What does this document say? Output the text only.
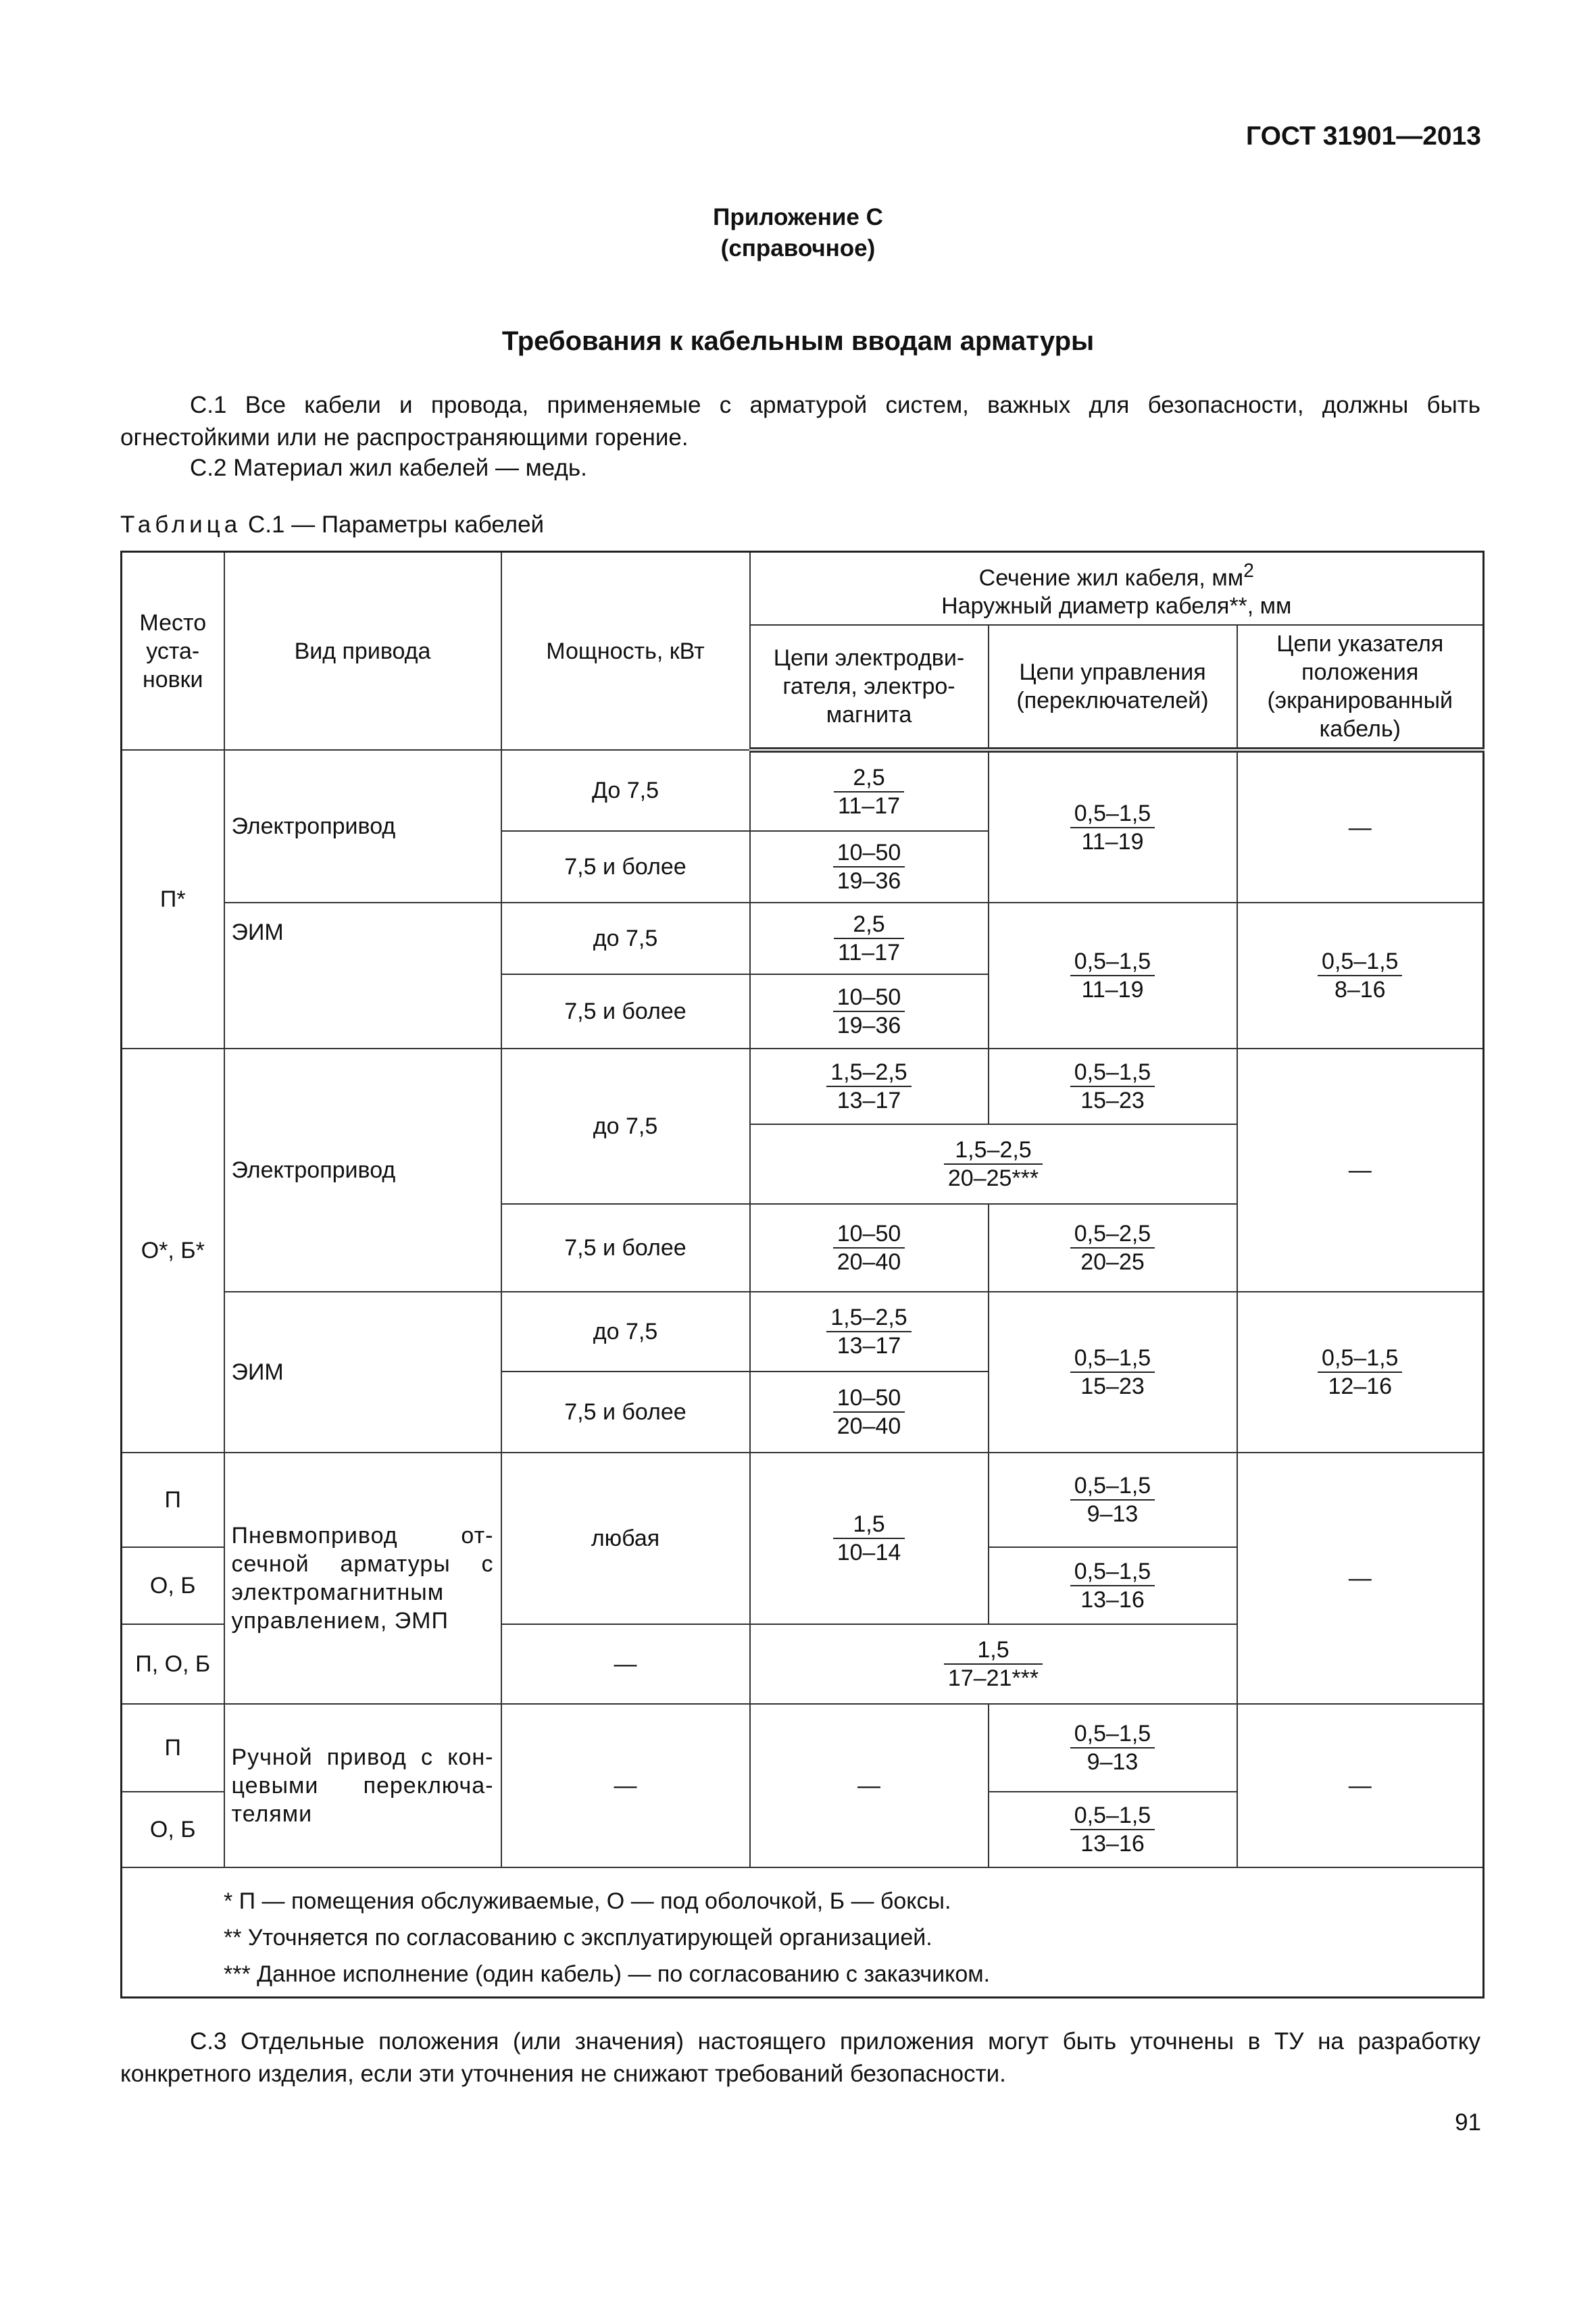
ГОСТ 31901—2013
Приложение С
(справочное)
Требования к кабельным вводам арматуры
С.1 Все кабели и провода, применяемые с арматурой систем, важных для безопасности, должны быть огнестойкими или не распространяющими горение.
С.2 Материал жил кабелей — медь.
Таблица С.1 — Параметры кабелей
Место уста- новки	Вид привода	Мощность, кВт	Сечение жил кабеля, $мм^2$
Наружный диаметр кабеля**, мм		
			Цепи электродви- гателя, электро- магнита	Цепи управления (переключателей)	Цепи указателя положения (экранированный кабель)
П*	Электропривод	До 7,5	$\frac{2,5}{11-17}$	$\frac{0,5-1,5}{11-19}$	—
		7,5 и более	$\frac{10-50}{19-36}$

	ЭИМ	до 7,5	$\frac{2,5}{11-17}$	$\frac{0,5-1,5}{11-19}$	$\frac{0,5-1,5}{8-16}$

		7,5 и более	$\frac{10-50}{19-36}$

О*, Б*	Электропривод	до 7,5	$\frac{1,5-2,5}{13-17}$	$\frac{0,5-1,5}{15-23}$	—

			$\frac{1,5-2,5}{20-25***}$

		7,5 и более	$\frac{10-50}{20-40}$	$\frac{0,5-2,5}{20-25}$

	ЭИМ	до 7,5	$\frac{1,5-2,5}{13-17}$	$\frac{0,5-1,5}{15-23}$	$\frac{0,5-1,5}{12-16}$

		7,5 и более	$\frac{10-50}{20-40}$

П	Пневмопривод от- сечной арматуры с электромагнитным управлением, ЭМП	любая	$\frac{1,5}{10-14}$	$\frac{0,5-1,5}{9-13}$	—
О, Б				$\frac{0,5-1,5}{13-16}$

П, О, Б		—	$\frac{1,5}{17-21***}$

П	Ручной привод с кон- цевыми переключа- телями	—	—	$\frac{0,5-1,5}{9-13}$	—
О, Б				$\frac{0,5-1,5}{13-16}$

* П — помещения обслуживаемые, О — под оболочкой, Б — боксы.
** Уточняется по согласованию с эксплуатирующей организацией.
*** Данное исполнение (один кабель) — по согласованию с заказчиком.					
С.3 Отдельные положения (или значения) настоящего приложения могут быть уточнены в ТУ на разработку конкретного изделия, если эти уточнения не снижают требований безопасности.
91
